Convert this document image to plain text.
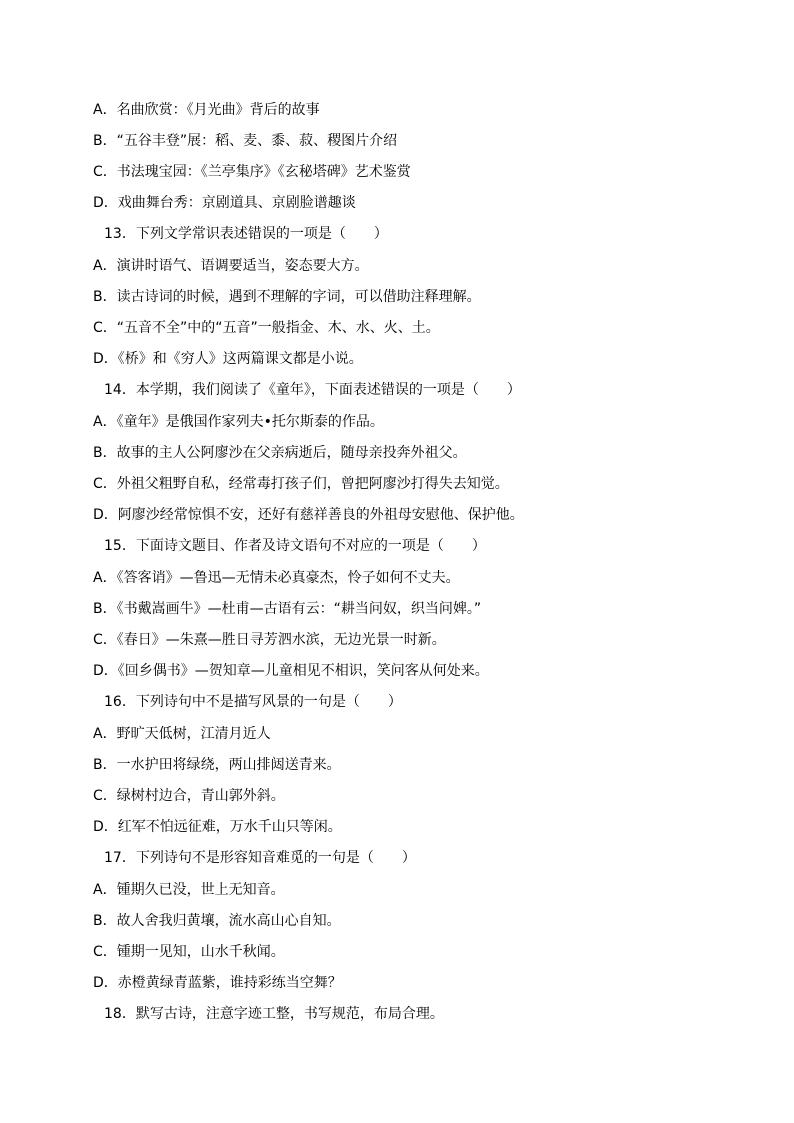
A．名曲欣赏：《月光曲》背后的故事
B．“五谷丰登”展：稻、麦、黍、菽、稷图片介绍
C．书法瑰宝园：《兰亭集序》《玄秘塔碑》艺术鉴赏
D．戏曲舞台秀：京剧道具、京剧脸谱趣谈
13．下列文学常识表述错误的一项是（　　）
A．演讲时语气、语调要适当，姿态要大方。
B．读古诗词的时候，遇到不理解的字词，可以借助注释理解。
C．“五音不全”中的“五音”一般指金、木、水、火、土。
D．《桥》和《穷人》这两篇课文都是小说。
14．本学期，我们阅读了《童年》，下面表述错误的一项是（　　）
A．《童年》是俄国作家列夫•托尔斯泰的作品。
B．故事的主人公阿廖沙在父亲病逝后，随母亲投奔外祖父。
C．外祖父粗野自私，经常毒打孩子们，曾把阿廖沙打得失去知觉。
D．阿廖沙经常惊惧不安，还好有慈祥善良的外祖母安慰他、保护他。
15．下面诗文题目、作者及诗文语句不对应的一项是（　　）
A．《答客诮》—鲁迅—无情未必真豪杰，怜子如何不丈夫。
B．《书戴嵩画牛》—杜甫—古语有云：“耕当问奴，织当问婢。”
C．《春日》—朱熹—胜日寻芳泗水滨，无边光景一时新。
D．《回乡偶书》—贺知章—儿童相见不相识，笑问客从何处来。
16．下列诗句中不是描写风景的一句是（　　）
A．野旷天低树，江清月近人
B．一水护田将绿绕，两山排闼送青来。
C．绿树村边合，青山郭外斜。
D．红军不怕远征难，万水千山只等闲。
17．下列诗句不是形容知音难觅的一句是（　　）
A．锺期久已没，世上无知音。
B．故人舍我归黄壤，流水高山心自知。
C．锺期一见知，山水千秋闻。
D．赤橙黄绿青蓝紫，谁持彩练当空舞？
18．默写古诗，注意字迹工整，书写规范，布局合理。
